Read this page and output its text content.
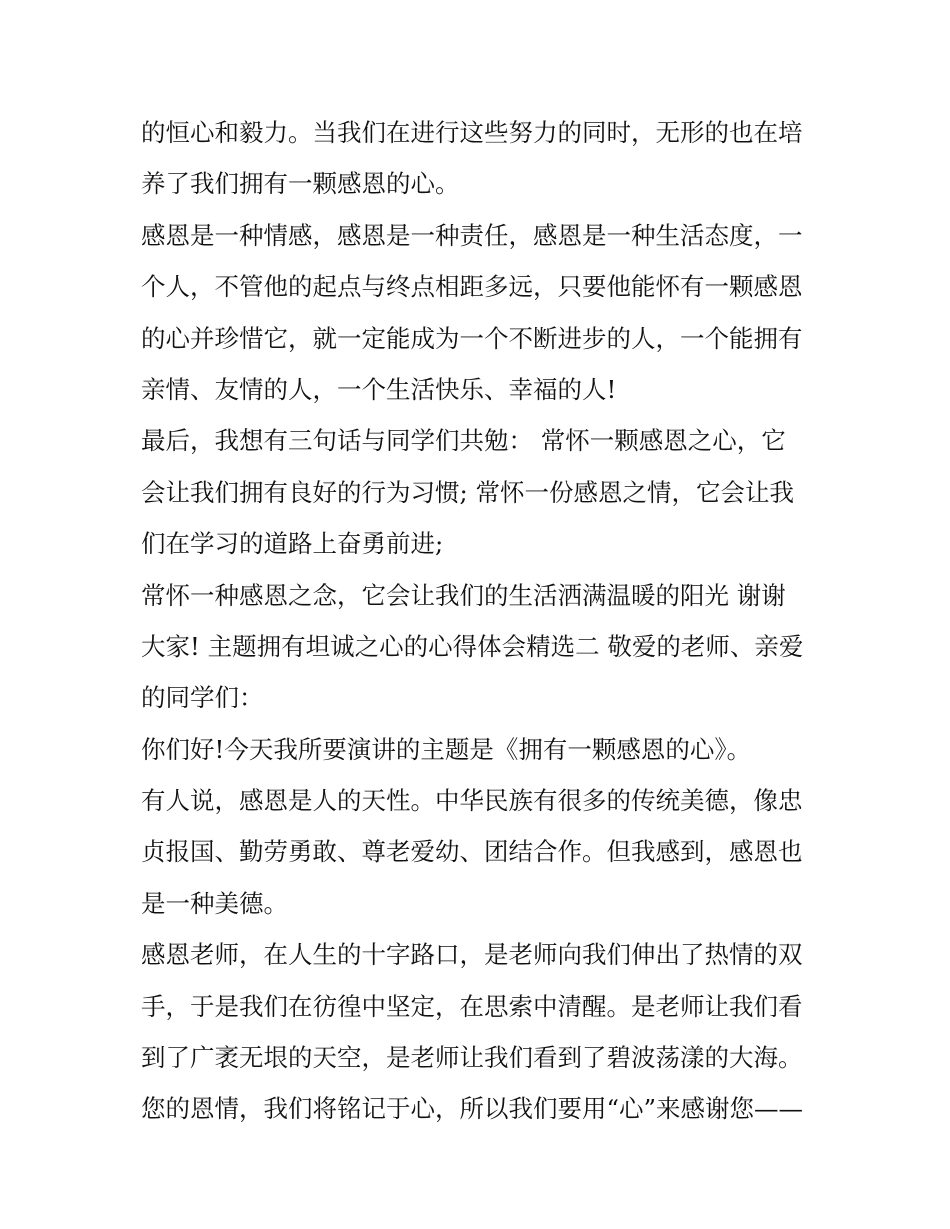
的恒心和毅力。当我们在进行这些努力的同时，无形的也在培
养了我们拥有一颗感恩的心。
感恩是一种情感，感恩是一种责任，感恩是一种生活态度，一
个人，不管他的起点与终点相距多远，只要他能怀有一颗感恩
的心并珍惜它，就一定能成为一个不断进步的人，一个能拥有
亲情、友情的人，一个生活快乐、幸福的人!
最后，我想有三句话与同学们共勉： 常怀一颗感恩之心，它
会让我们拥有良好的行为习惯; 常怀一份感恩之情，它会让我
们在学习的道路上奋勇前进;
常怀一种感恩之念，它会让我们的生活洒满温暖的阳光 谢谢
大家! 主题拥有坦诚之心的心得体会精选二 敬爱的老师、亲爱
的同学们：
你们好!今天我所要演讲的主题是《拥有一颗感恩的心》。
有人说，感恩是人的天性。中华民族有很多的传统美德，像忠
贞报国、勤劳勇敢、尊老爱幼、团结合作。但我感到，感恩也
是一种美德。
感恩老师，在人生的十字路口，是老师向我们伸出了热情的双
手，于是我们在彷徨中坚定，在思索中清醒。是老师让我们看
到了广袤无垠的天空，是老师让我们看到了碧波荡漾的大海。
您的恩情，我们将铭记于心，所以我们要用“心”来感谢您——
